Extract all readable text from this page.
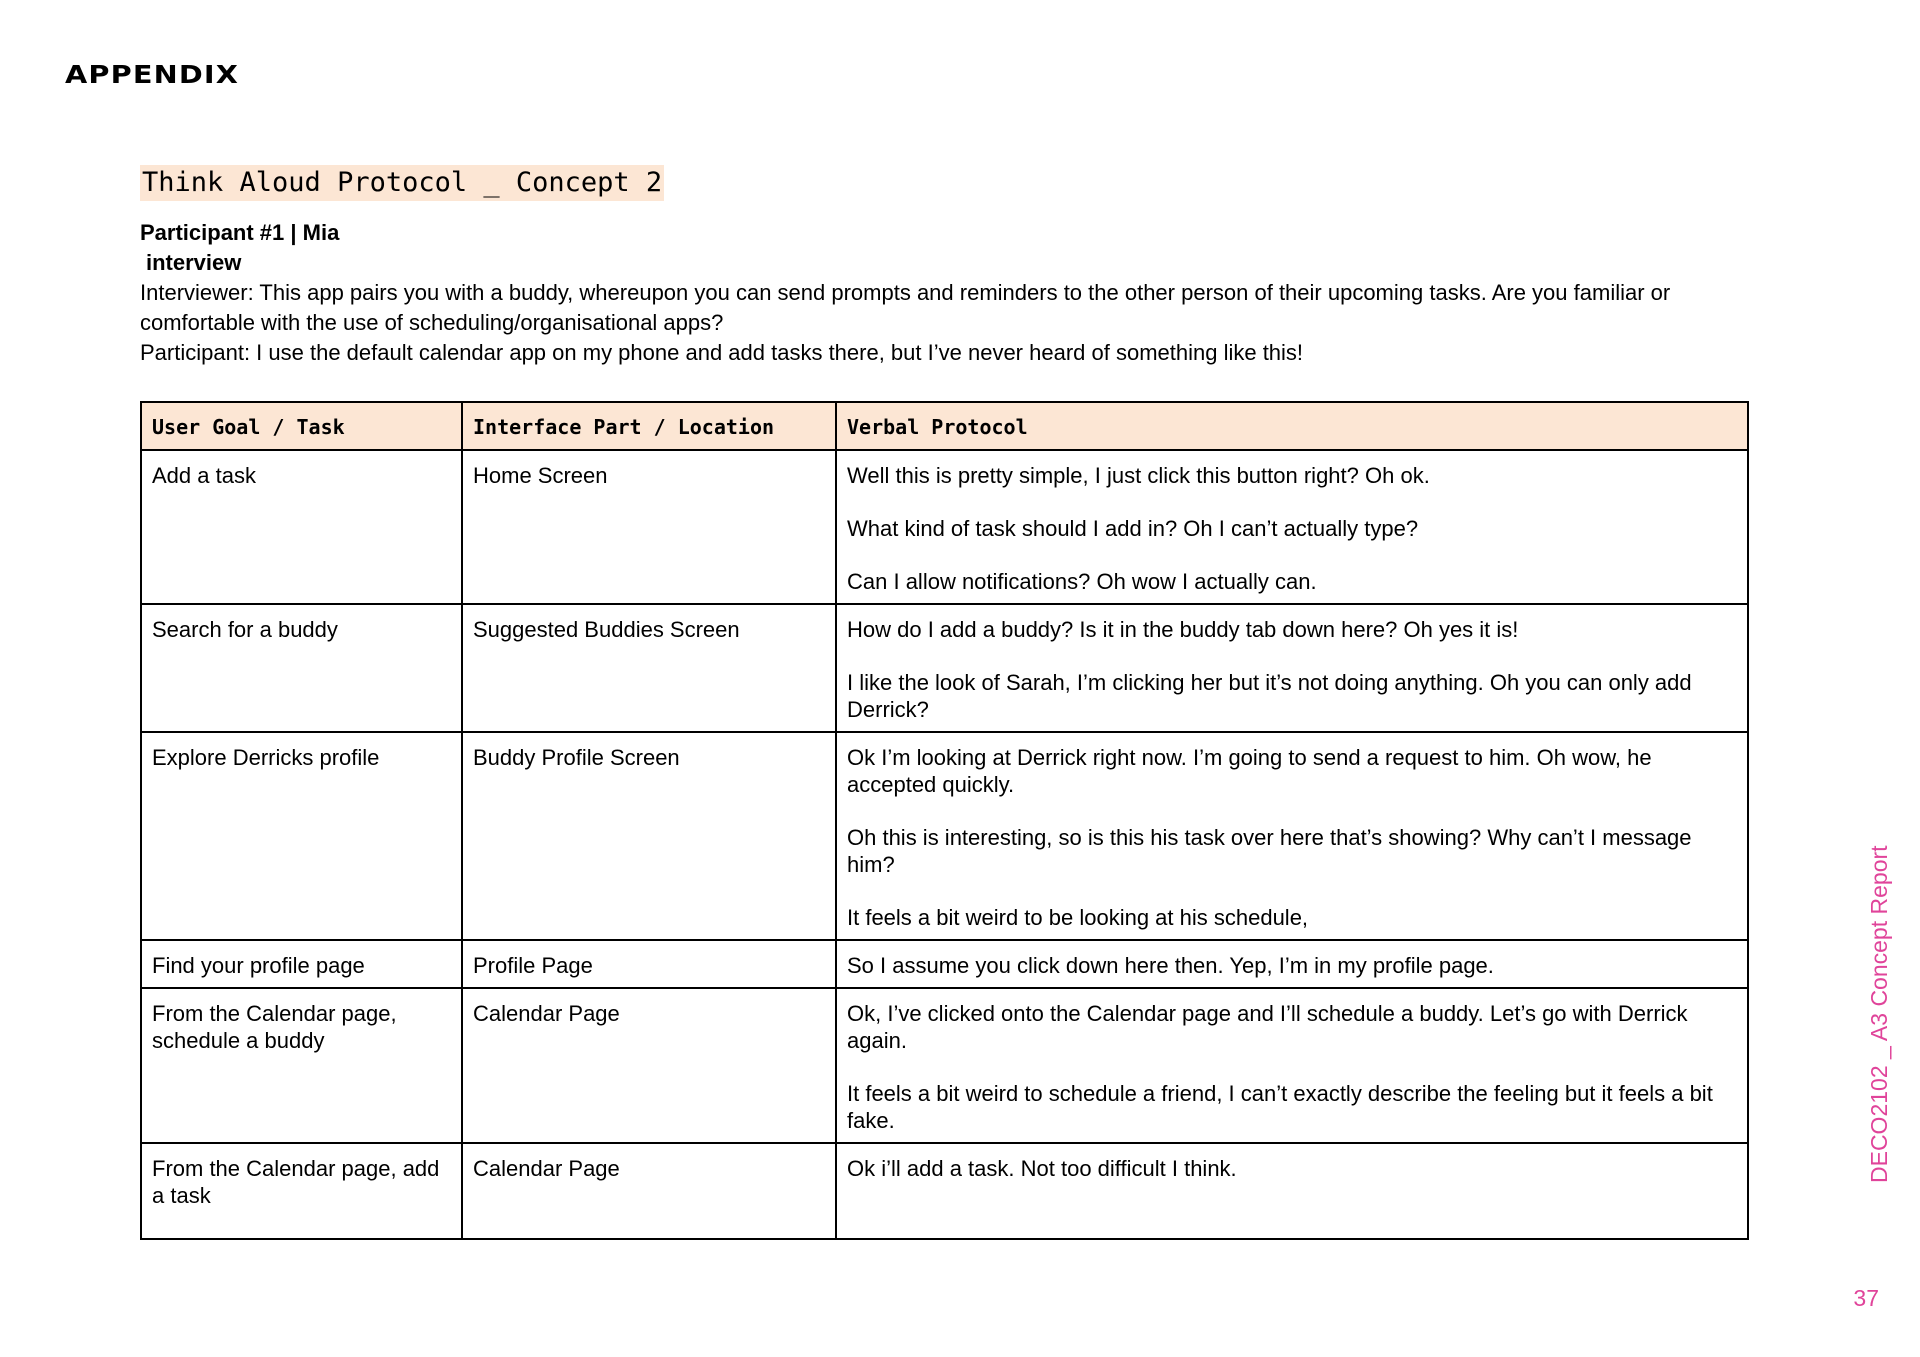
APPENDIX
Think Aloud Protocol _ Concept 2
Participant #1 | Mia
interview
Interviewer: This app pairs you with a buddy, whereupon you can send prompts and reminders to the other person of their upcoming tasks. Are you familiar or comfortable with the use of scheduling/organisational apps?
Participant: I use the default calendar app on my phone and add tasks there, but I’ve never heard of something like this!
User Goal / Task	Interface Part / Location	Verbal Protocol
Add a task	Home Screen	Well this is pretty simple, I just click this button right? Oh ok.
What kind of task should I add in? Oh I can’t actually type?
Can I allow notifications? Oh wow I actually can.

Search for a buddy	Suggested Buddies Screen	How do I add a buddy? Is it in the buddy tab down here? Oh yes it is!
I like the look of Sarah, I’m clicking her but it’s not doing anything. Oh you can only add Derrick?

Explore Derricks profile	Buddy Profile Screen	Ok I’m looking at Derrick right now. I’m going to send a request to him. Oh wow, he accepted quickly.
Oh this is interesting, so is this his task over here that’s showing? Why can’t I message him?
It feels a bit weird to be looking at his schedule,

Find your profile page	Profile Page	So I assume you click down here then. Yep, I’m in my profile page.

From the Calendar page, schedule a buddy	Calendar Page	Ok, I’ve clicked onto the Calendar page and I’ll schedule a buddy. Let’s go with Derrick again.
It feels a bit weird to schedule a friend, I can’t exactly describe the feeling but it feels a bit fake.

From the Calendar page, add a task	Calendar Page	Ok i’ll add a task. Not too difficult I think.	DECO2102 _ A3 Concept Report
37
